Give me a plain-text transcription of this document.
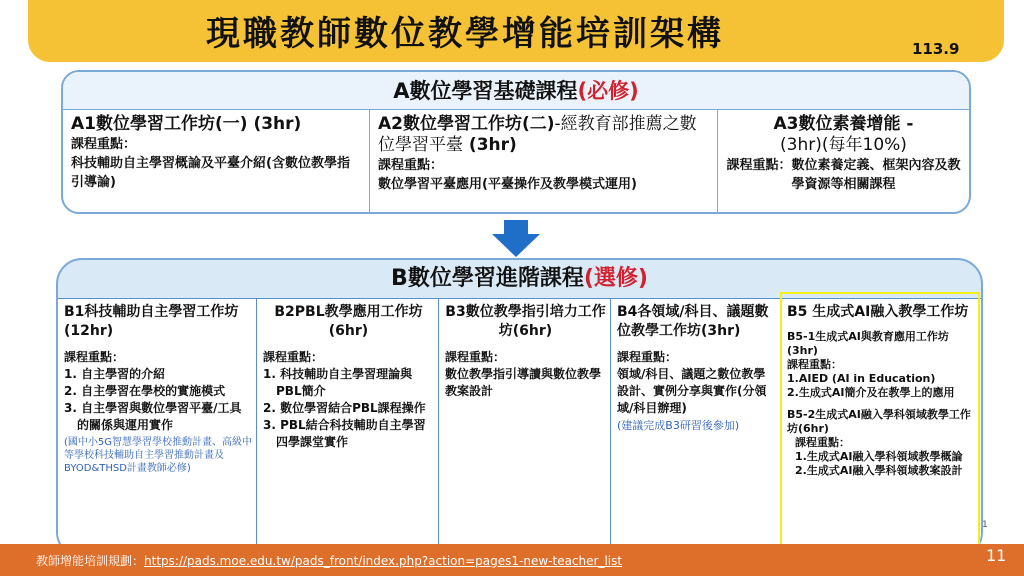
現職教師數位教學增能培訓架構	113.9
A數位學習基礎課程(必修)
A1數位學習工作坊(一) (3hr)
課程重點：
科技輔助自主學習概論及平臺介紹(含數位教學指引導論)
A2數位學習工作坊(二)-經教育部推薦之數位學習平臺 (3hr)
課程重點：
數位學習平臺應用(平臺操作及教學模式運用)
A3數位素養增能 -
(3hr)(每年10%)
課程重點：數位素養定義、框架內容及教學資源等相關課程
B數位學習進階課程(選修)
B1科技輔助自主學習工作坊(12hr)
課程重點：
1. 自主學習的介紹
2. 自主學習在學校的實施模式
3. 自主學習與數位學習平臺/工具的關係與運用實作
(國中小5G智慧學習學校推動計畫、高級中等學校科技輔助自主學習推動計畫及BYOD&THSD計畫教師必修)
B2PBL教學應用工作坊(6hr)
課程重點：
1. 科技輔助自主學習理論與PBL簡介
2. 數位學習結合PBL課程操作
3. PBL結合科技輔助自主學習四學課堂實作
B3數位教學指引培力工作坊(6hr)
課程重點：
數位教學指引導讀與數位教學教案設計
B4各領域/科目、議題數位教學工作坊(3hr)
課程重點：
領域/科目、議題之數位教學設計、實例分享與實作(分領域/科目辦理)
(建議完成B3研習後參加)
B5 生成式AI融入教學工作坊
B5-1生成式AI與教育應用工作坊(3hr)
課程重點：
1.AIED (AI in Education)
2.生成式AI簡介及在教學上的應用
B5-2生成式AI融入學科領域教學工作坊(6hr)
課程重點：
1.生成式AI融入學科領域教學概論
2.生成式AI融入學科領域教案設計
1
教師增能培訓規劃：https://pads.moe.edu.tw/pads_front/index.php?action=pages1-new-teacher_list	11
